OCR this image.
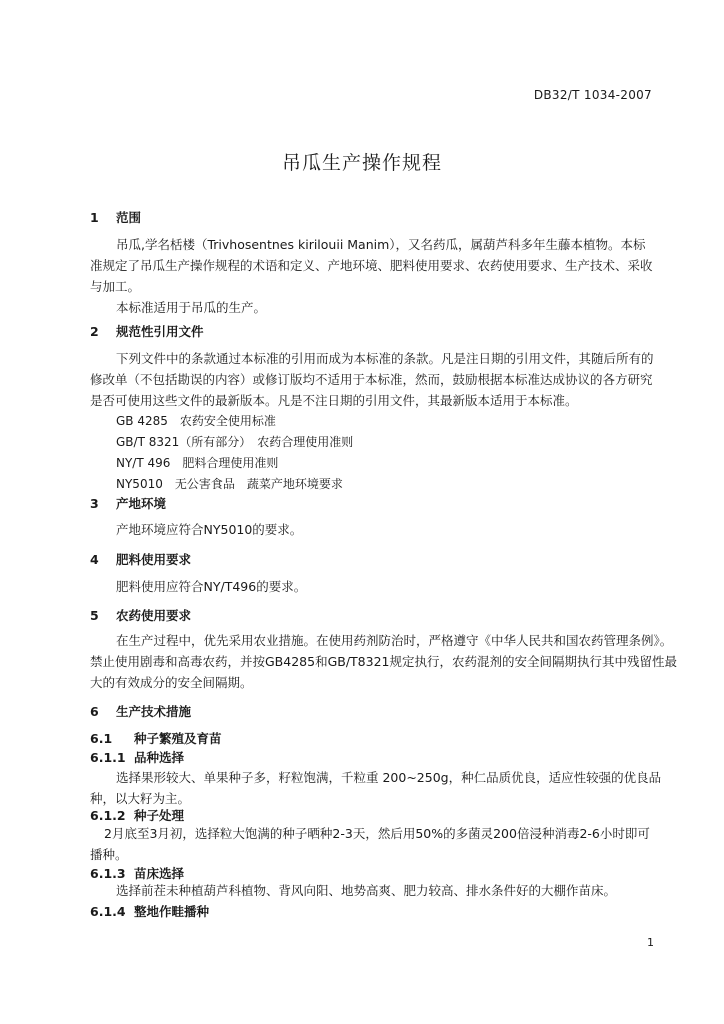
DB32/T 1034-2007
吊瓜生产操作规程
1 范围
吊瓜,学名栝楼（Trivhosentnes kirilouii Manim），又名药瓜，属葫芦科多年生藤本植物。本标
准规定了吊瓜生产操作规程的术语和定义、产地环境、肥料使用要求、农药使用要求、生产技术、采收
与加工。
本标准适用于吊瓜的生产。
2 规范性引用文件
下列文件中的条款通过本标准的引用而成为本标准的条款。凡是注日期的引用文件，其随后所有的
修改单（不包括勘误的内容）或修订版均不适用于本标准，然而，鼓励根据本标准达成协议的各方研究
是否可使用这些文件的最新版本。凡是不注日期的引用文件，其最新版本适用于本标准。
GB 4285　农药安全使用标准
GB/T 8321（所有部分）　农药合理使用准则
NY/T 496　肥料合理使用准则
NY5010　无公害食品　蔬菜产地环境要求
3 产地环境
产地环境应符合NY5010的要求。
4 肥料使用要求
肥料使用应符合NY/T496的要求。
5 农药使用要求
在生产过程中，优先采用农业措施。在使用药剂防治时，严格遵守《中华人民共和国农药管理条例》。
禁止使用剧毒和高毒农药，并按GB4285和GB/T8321规定执行，农药混剂的安全间隔期执行其中残留性最
大的有效成分的安全间隔期。
6 生产技术措施
6.1 种子繁殖及育苗
6.1.1 品种选择
选择果形较大、单果种子多，籽粒饱满，千粒重 200~250g，种仁品质优良，适应性较强的优良品
种，以大籽为主。
6.1.2 种子处理
2月底至3月初，选择粒大饱满的种子晒种2-3天，然后用50%的多菌灵200倍浸种消毒2-6小时即可
播种。
6.1.3 苗床选择
选择前茬未种植葫芦科植物、背风向阳、地势高爽、肥力较高、排水条件好的大棚作苗床。
6.1.4 整地作畦播种
1
